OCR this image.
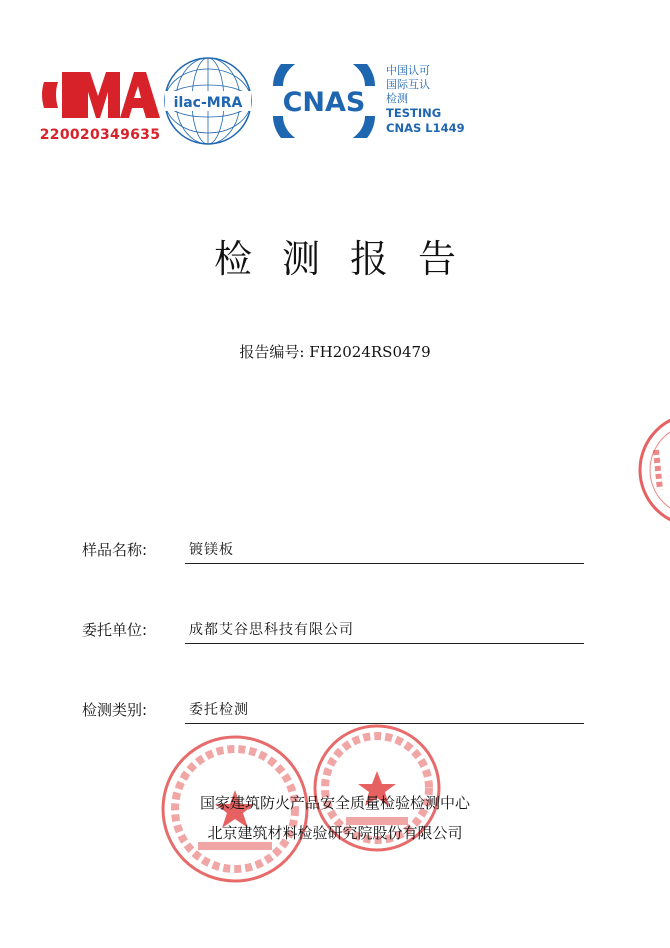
220020349635
ilac-MRA CNAS
中国认可
国际互认
检测
TESTING
CNAS L1449
检测报告
报告编号: FH2024RS0479
样品名称:	镀镁板
委托单位:	成都艾谷思科技有限公司
检测类别:	委托检测
国家建筑防火产品安全质量检验检测中心
北京建筑材料检验研究院股份有限公司
